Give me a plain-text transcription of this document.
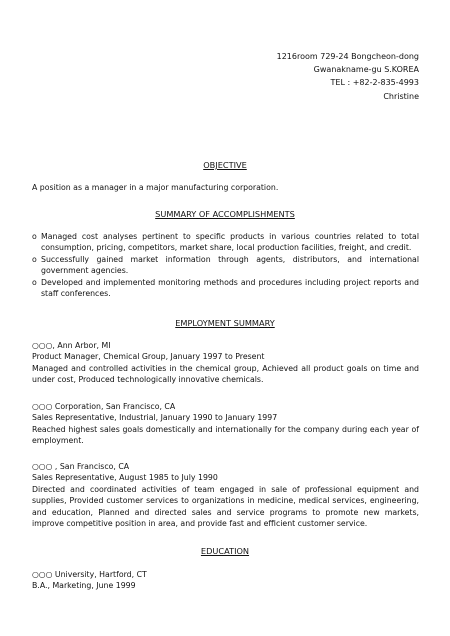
1216room 729-24 Bongcheon-dong
Gwanakname-gu S.KOREA
TEL : +82-2-835-4993
Christine
OBJECTIVE
A position as a manager in a major manufacturing corporation.
SUMMARY OF ACCOMPLISHMENTS
o Managed cost analyses pertinent to specific products in various countries related to total consumption, pricing, competitors, market share, local production facilities, freight, and credit.
o Successfully gained market information through agents, distributors, and international government agencies.
o Developed and implemented monitoring methods and procedures including project reports and staff conferences.
EMPLOYMENT SUMMARY
○○○, Ann Arbor, MI
Product Manager, Chemical Group, January 1997 to Present
Managed and controlled activities in the chemical group, Achieved all product goals on time and under cost, Produced technologically innovative chemicals.
○○○ Corporation, San Francisco, CA
Sales Representative, Industrial, January 1990 to January 1997
Reached highest sales goals domestically and internationally for the company during each year of employment.
○○○ , San Francisco, CA
Sales Representative, August 1985 to July 1990
Directed and coordinated activities of team engaged in sale of professional equipment and supplies, Provided customer services to organizations in medicine, medical services, engineering, and education, Planned and directed sales and service programs to promote new markets, improve competitive position in area, and provide fast and efficient customer service.
EDUCATION
○○○ University, Hartford, CT
B.A., Marketing, June 1999
